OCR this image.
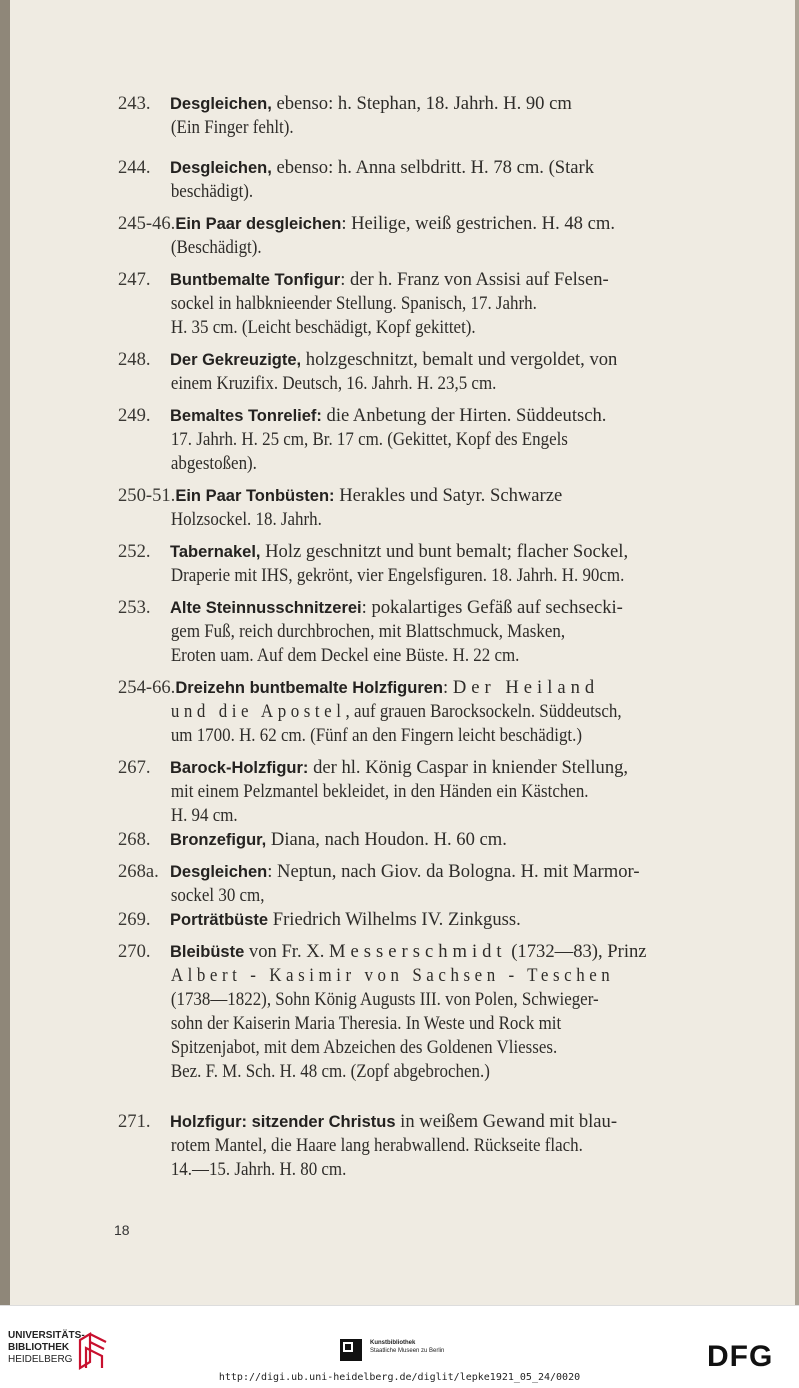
243. Desgleichen, ebenso: h. Stephan, 18. Jahrh. H. 90 cm
(Ein Finger fehlt).
244. Desgleichen, ebenso: h. Anna selbdritt. H. 78 cm. (Stark
beschädigt).
245-46.Ein Paar desgleichen: Heilige, weiß gestrichen. H. 48 cm.
(Beschädigt).
247. Buntbemalte Tonfigur: der h. Franz von Assisi auf Felsen-
sockel in halbknieender Stellung. Spanisch, 17. Jahrh.
H. 35 cm. (Leicht beschädigt, Kopf gekittet).
248. Der Gekreuzigte, holzgeschnitzt, bemalt und vergoldet, von
einem Kruzifix. Deutsch, 16. Jahrh. H. 23,5 cm.
249. Bemaltes Tonrelief: die Anbetung der Hirten. Süddeutsch.
17. Jahrh. H. 25 cm, Br. 17 cm. (Gekittet, Kopf des Engels
abgestoßen).
250-51.Ein Paar Tonbüsten: Herakles und Satyr. Schwarze
Holzsockel. 18. Jahrh.
252. Tabernakel, Holz geschnitzt und bunt bemalt; flacher Sockel,
Draperie mit IHS, gekrönt, vier Engelsfiguren. 18. Jahrh. H. 90cm.
253. Alte Steinnusschnitzerei: pokalartiges Gefäß auf sechsecki-
gem Fuß, reich durchbrochen, mit Blattschmuck, Masken,
Eroten uam. Auf dem Deckel eine Büste. H. 22 cm.
254-66.Dreizehn buntbemalte Holzfiguren: Der Heiland
und die Apostel, auf grauen Barocksockeln. Süddeutsch,
um 1700. H. 62 cm. (Fünf an den Fingern leicht beschädigt.)
267. Barock-Holzfigur: der hl. König Caspar in kniender Stellung,
mit einem Pelzmantel bekleidet, in den Händen ein Kästchen.
H. 94 cm.
268. Bronzefigur, Diana, nach Houdon. H. 60 cm.
268a. Desgleichen: Neptun, nach Giov. da Bologna. H. mit Marmor-
sockel 30 cm,
269. Porträtbüste Friedrich Wilhelms IV. Zinkguss.
270. Bleibüste von Fr. X. Messerschmidt (1732—83), Prinz
Albert - Kasimir von Sachsen - Teschen
(1738—1822), Sohn König Augusts III. von Polen, Schwieger-
sohn der Kaiserin Maria Theresia. In Weste und Rock mit
Spitzenjabot, mit dem Abzeichen des Goldenen Vliesses.
Bez. F. M. Sch. H. 48 cm. (Zopf abgebrochen.)
271. Holzfigur: sitzender Christus in weißem Gewand mit blau-
rotem Mantel, die Haare lang herabwallend. Rückseite flach.
14.—15. Jahrh. H. 80 cm.
18
UNIVERSITÄTS-
BIBLIOTHEK
HEIDELBERG
Kunstbibliothek
Staatliche Museen zu Berlin	DFG
http://digi.ub.uni-heidelberg.de/diglit/lepke1921_05_24/0020
